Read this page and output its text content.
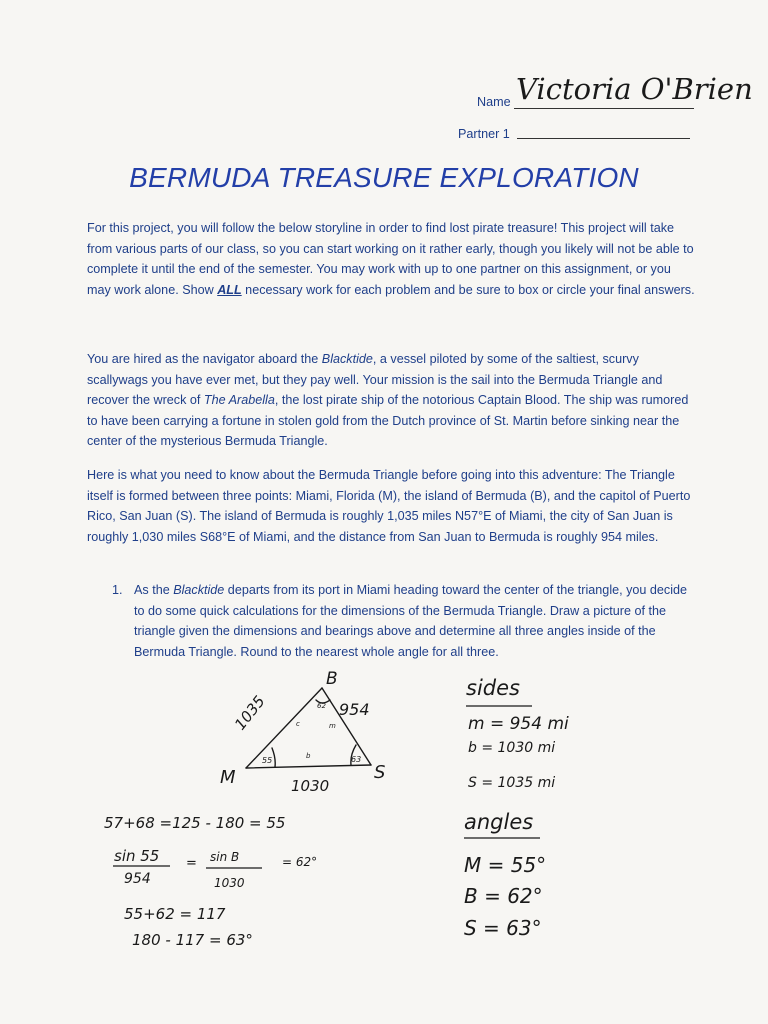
Name Victoria O'Brien
Partner 1
BERMUDA TREASURE EXPLORATION

For this project, you will follow the below storyline in order to find lost pirate treasure! This project will take from various parts of our class, so you can start working on it rather early, though you likely will not be able to complete it until the end of the semester. You may work with up to one partner on this assignment, or you may work alone. Show ALL necessary work for each problem and be sure to box or circle your final answers.

You are hired as the navigator aboard the Blacktide, a vessel piloted by some of the saltiest, scurvy scallywags you have ever met, but they pay well. Your mission is the sail into the Bermuda Triangle and recover the wreck of The Arabella, the lost pirate ship of the notorious Captain Blood. The ship was rumored to have been carrying a fortune in stolen gold from the Dutch province of St. Martin before sinking near the center of the mysterious Bermuda Triangle.

Here is what you need to know about the Bermuda Triangle before going into this adventure: The Triangle itself is formed between three points: Miami, Florida (M), the island of Bermuda (B), and the capitol of Puerto Rico, San Juan (S). The island of Bermuda is roughly 1,035 miles N57°E of Miami, the city of San Juan is roughly 1,030 miles S68°E of Miami, and the distance from San Juan to Bermuda is roughly 954 miles.
1. As the Blacktide departs from its port in Miami heading toward the center of the triangle, you decide to do some quick calculations for the dimensions of the Bermuda Triangle. Draw a picture of the triangle given the dimensions and bearings above and determine all three angles inside of the Bermuda Triangle. Round to the nearest whole angle for all three.

B
M	S
1035	954
1030
55
62
63
c	m
b
57+68 =125 - 180 = 55
sin 55
954
= sin B
1030
= 62°
55+62 = 117
180 - 117 = 63°
sides
m = 954 mi
b = 1030 mi
S = 1035 mi
angles
M = 55°
B = 62°
S = 63°
